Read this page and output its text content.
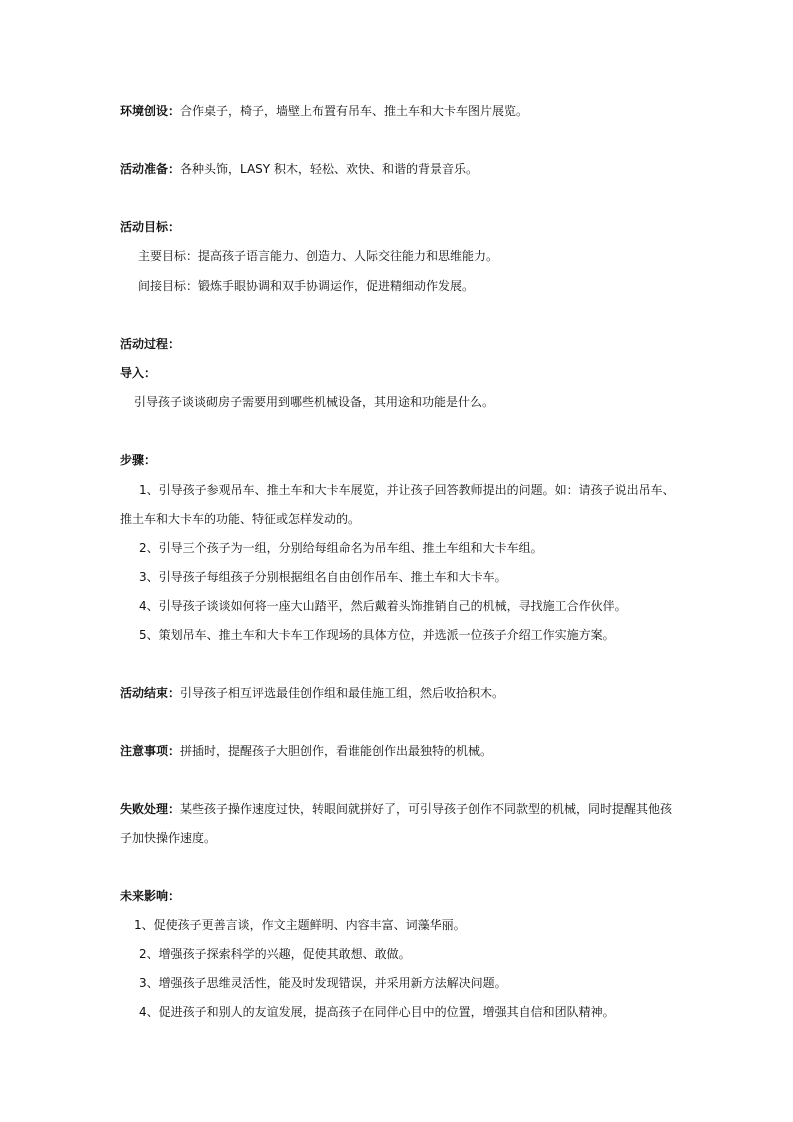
环境创设：合作桌子，椅子，墙壁上布置有吊车、推土车和大卡车图片展览。
活动准备：各种头饰，LASY 积木，轻松、欢快、和谐的背景音乐。
活动目标：
主要目标：提高孩子语言能力、创造力、人际交往能力和思维能力。
间接目标：锻炼手眼协调和双手协调运作，促进精细动作发展。
活动过程：
导入：
引导孩子谈谈砌房子需要用到哪些机械设备，其用途和功能是什么。
步骤：
1、引导孩子参观吊车、推土车和大卡车展览，并让孩子回答教师提出的问题。如：请孩子说出吊车、
推土车和大卡车的功能、特征或怎样发动的。
2、引导三个孩子为一组，分别给每组命名为吊车组、推土车组和大卡车组。
3、引导孩子每组孩子分别根据组名自由创作吊车、推土车和大卡车。
4、引导孩子谈谈如何将一座大山踏平，然后戴着头饰推销自己的机械，寻找施工合作伙伴。
5、策划吊车、推土车和大卡车工作现场的具体方位，并选派一位孩子介绍工作实施方案。
活动结束：引导孩子相互评选最佳创作组和最佳施工组，然后收拾积木。
注意事项：拼插时，提醒孩子大胆创作，看谁能创作出最独特的机械。
失败处理：某些孩子操作速度过快，转眼间就拼好了，可引导孩子创作不同款型的机械，同时提醒其他孩
子加快操作速度。
未来影响：
1、促使孩子更善言谈，作文主题鲜明、内容丰富、词藻华丽。
2、增强孩子探索科学的兴趣，促使其敢想、敢做。
3、增强孩子思维灵活性，能及时发现错误，并采用新方法解决问题。
4、促进孩子和别人的友谊发展，提高孩子在同伴心目中的位置，增强其自信和团队精神。
